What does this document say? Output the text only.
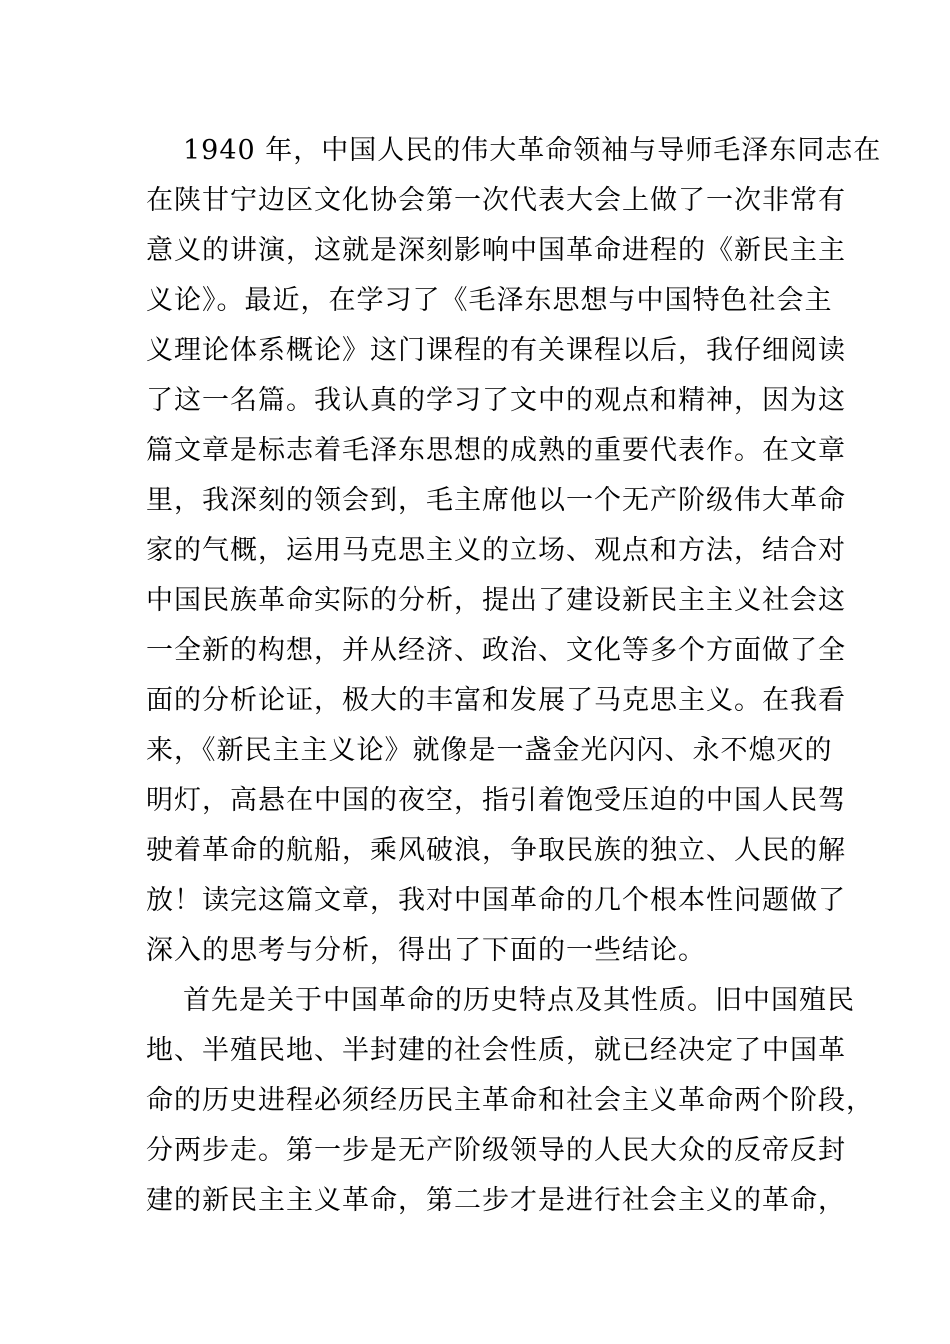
1940 年，中国人民的伟大革命领袖与导师毛泽东同志在
在陕甘宁边区文化协会第一次代表大会上做了一次非常有
意义的讲演，这就是深刻影响中国革命进程的《新民主主
义论》。最近，在学习了《毛泽东思想与中国特色社会主
义理论体系概论》这门课程的有关课程以后，我仔细阅读
了这一名篇。我认真的学习了文中的观点和精神，因为这
篇文章是标志着毛泽东思想的成熟的重要代表作。在文章
里，我深刻的领会到，毛主席他以一个无产阶级伟大革命
家的气概，运用马克思主义的立场、观点和方法，结合对
中国民族革命实际的分析，提出了建设新民主主义社会这
一全新的构想，并从经济、政治、文化等多个方面做了全
面的分析论证，极大的丰富和发展了马克思主义。在我看
来，《新民主主义论》就像是一盏金光闪闪、永不熄灭的
明灯，高悬在中国的夜空，指引着饱受压迫的中国人民驾
驶着革命的航船，乘风破浪，争取民族的独立、人民的解
放！读完这篇文章，我对中国革命的几个根本性问题做了
深入的思考与分析，得出了下面的一些结论。
首先是关于中国革命的历史特点及其性质。旧中国殖民
地、半殖民地、半封建的社会性质，就已经决定了中国革
命的历史进程必须经历民主革命和社会主义革命两个阶段，
分两步走。第一步是无产阶级领导的人民大众的反帝反封
建的新民主主义革命，第二步才是进行社会主义的革命，
